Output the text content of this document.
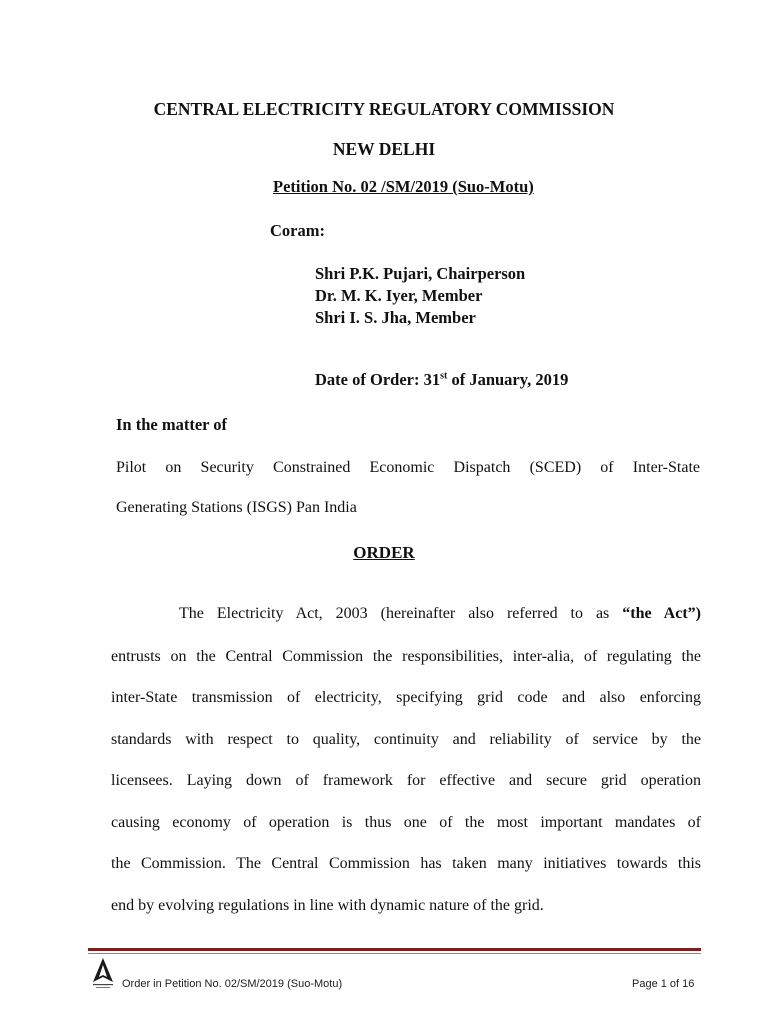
CENTRAL ELECTRICITY REGULATORY COMMISSION
NEW DELHI
Petition No. 02 /SM/2019 (Suo-Motu)
Coram:
Shri P.K. Pujari, Chairperson
Dr. M. K. Iyer, Member
Shri I. S. Jha, Member
Date of Order: 31st of January, 2019
In the matter of
Pilot on Security Constrained Economic Dispatch (SCED) of Inter-State
Generating Stations (ISGS) Pan India
ORDER
The Electricity Act, 2003 (hereinafter also referred to as “the Act”)
entrusts on the Central Commission the responsibilities, inter-alia, of regulating the
inter-State transmission of electricity, specifying grid code and also enforcing
standards with respect to quality, continuity and reliability of service by the
licensees. Laying down of framework for effective and secure grid operation
causing economy of operation is thus one of the most important mandates of
the Commission. The Central Commission has taken many initiatives towards this
end by evolving regulations in line with dynamic nature of the grid.
Order in Petition No. 02/SM/2019 (Suo-Motu)	Page 1 of 16
